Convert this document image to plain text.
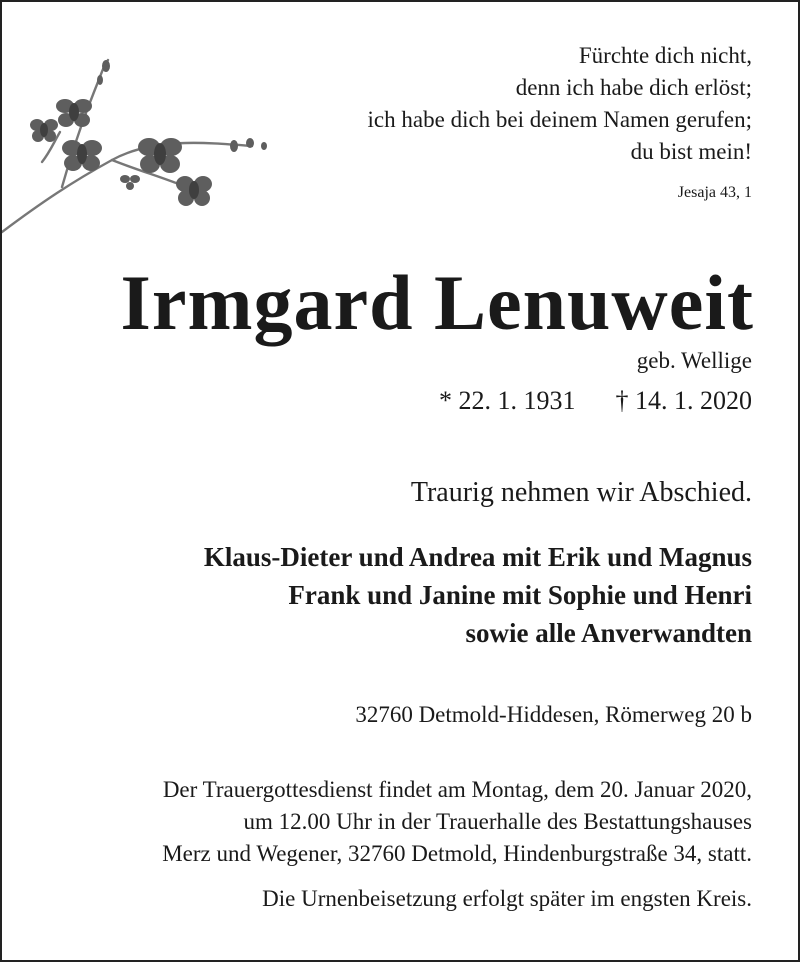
Fürchte dich nicht,
denn ich habe dich erlöst;
ich habe dich bei deinem Namen gerufen;
du bist mein!
Jesaja 43, 1
Irmgard Lenuweit
geb. Wellige
* 22. 1. 1931 † 14. 1. 2020
Traurig nehmen wir Abschied.
Klaus-Dieter und Andrea mit Erik und Magnus
Frank und Janine mit Sophie und Henri
sowie alle Anverwandten
32760 Detmold-Hiddesen, Römerweg 20 b
Der Trauergottesdienst findet am Montag, dem 20. Januar 2020,
um 12.00 Uhr in der Trauerhalle des Bestattungshauses
Merz und Wegener, 32760 Detmold, Hindenburgstraße 34, statt.
Die Urnenbeisetzung erfolgt später im engsten Kreis.
